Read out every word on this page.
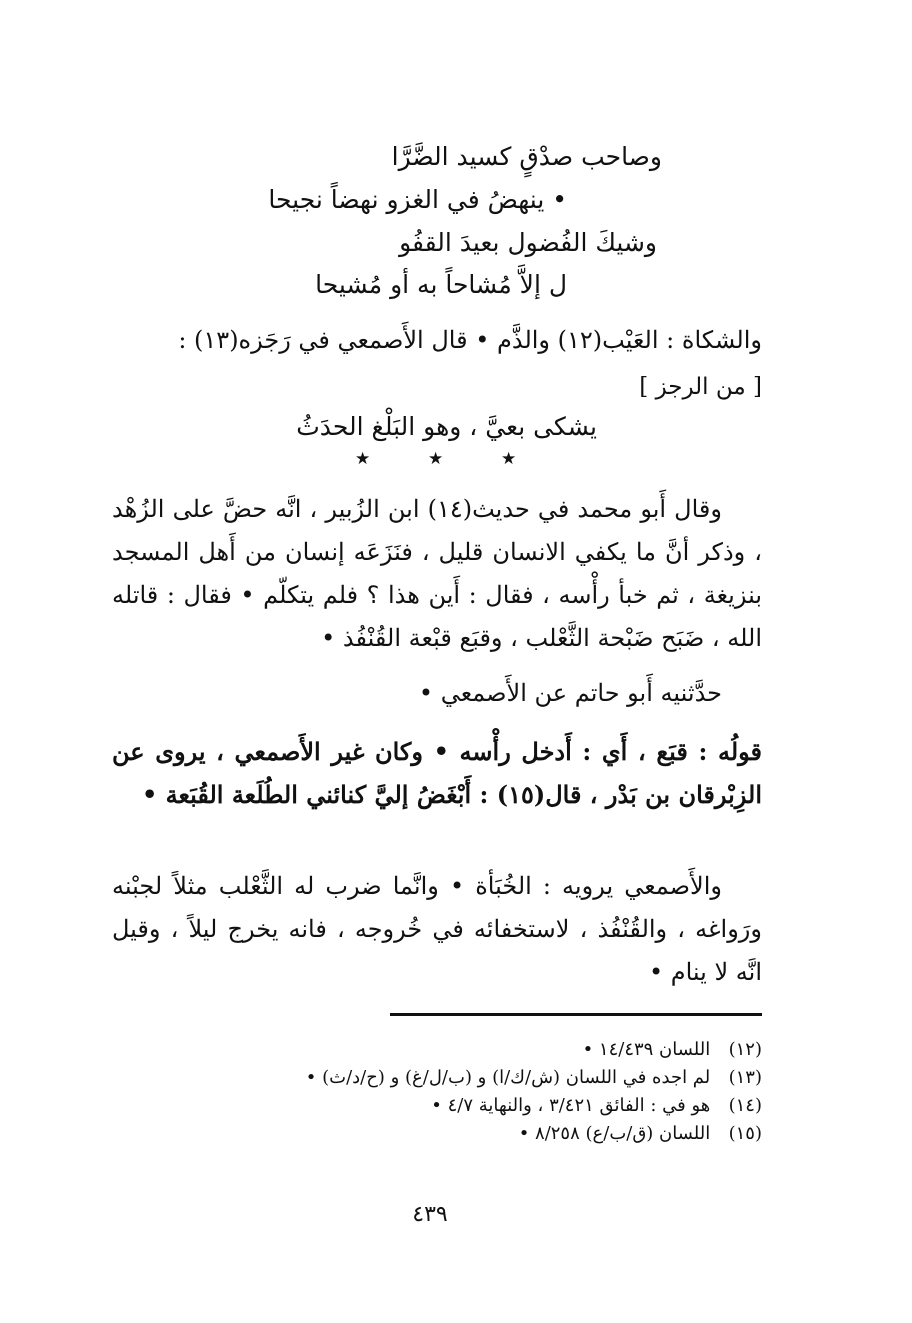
وصاحب صدْقٍ كسيد الضَّرَّا
• ينهضُ في الغزو نهضاً نجيحا
وشيكَ الفُضول بعيدَ القفُو
ل إلاَّ مُشاحاً به أو مُشيحا
والشكاة : العَيْب(١٢) والذَّم • قال الأَصمعي في رَجَزه(١٣) :
[ من الرجز ]
يشكى بعيَّ ، وهو البَلْغ الحدَثُ
★	★	★
وقال أَبو محمد في حديث(١٤) ابن الزُبير ، انَّه حضَّ على الزُهْد ، وذكر أنَّ ما يكفي الانسان قليل ، فنَزَعَه إنسان من أَهل المسجد بنزيغة ، ثم خبأ رأْسه ، فقال : أَين هذا ؟ فلم يتكلّم • فقال : قاتله الله ، ضَبَح ضَبْحة الثَّعْلب ، وقبَع قبْعة القُنْفُذ •
حدَّثنيه أَبو حاتم عن الأَصمعي •
قولُه : قبَع ، أَي : أَدخل رأْسه • وكان غير الأَصمعي ، يروى عن الزِبْرقان بن بَدْر ، قال(١٥) : أَبْغَضُ إليَّ كنائني الطُلَعة القُبَعة •
والأَصمعي يرويه : الخُبَأة • وانَّما ضرب له الثَّعْلب مثلاً لجبْنه ورَواغه ، والقُنْفُذ ، لاستخفائه في خُروجه ، فانه يخرج ليلاً ، وقيل انَّه لا ينام •
(١٢) اللسان ١٤/٤٣٩ •
(١٣) لم اجده في اللسان (ش/ك/ا) و (ب/ل/غ) و (ح/د/ث) •
(١٤) هو في : الفائق ٣/٤٢١ ، والنهاية ٤/٧ •
(١٥) اللسان (ق/ب/ع) ٨/٢٥٨ •
٤٣٩
